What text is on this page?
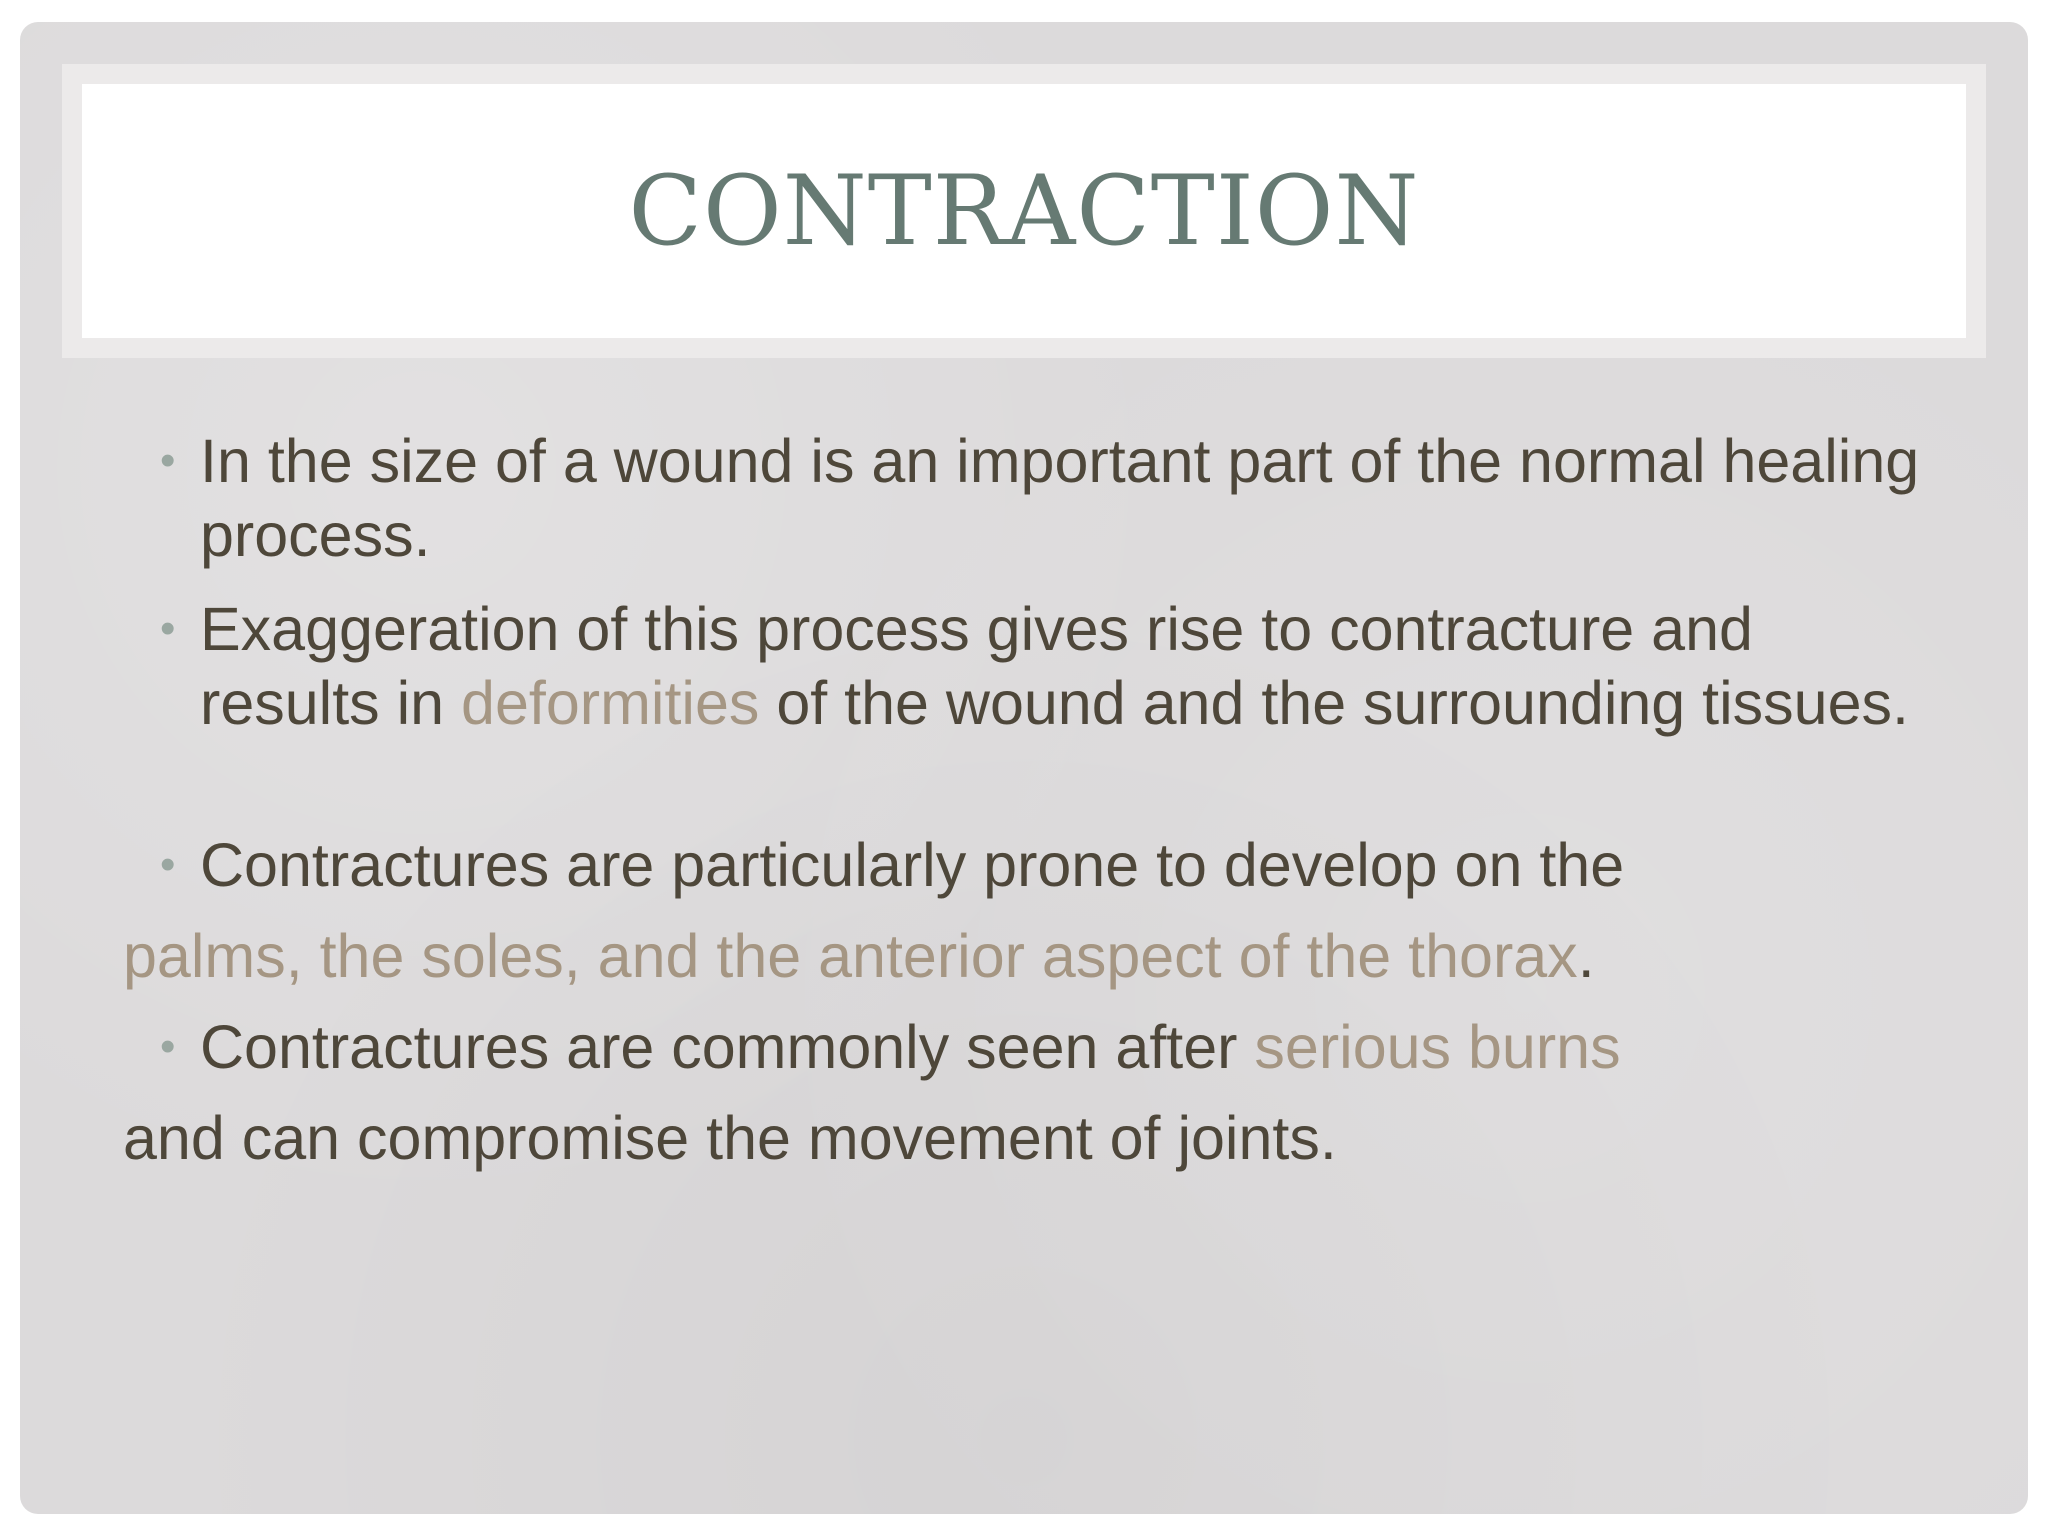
CONTRACTION

• In the size of a wound is an important part of the normal healing process.

• Exaggeration of this process gives rise to contracture and results in deformities of the wound and the surrounding tissues.

• Contractures are particularly prone to develop on the

palms, the soles, and the anterior aspect of the thorax.

• Contractures are commonly seen after serious burns

and can compromise the movement of joints.
